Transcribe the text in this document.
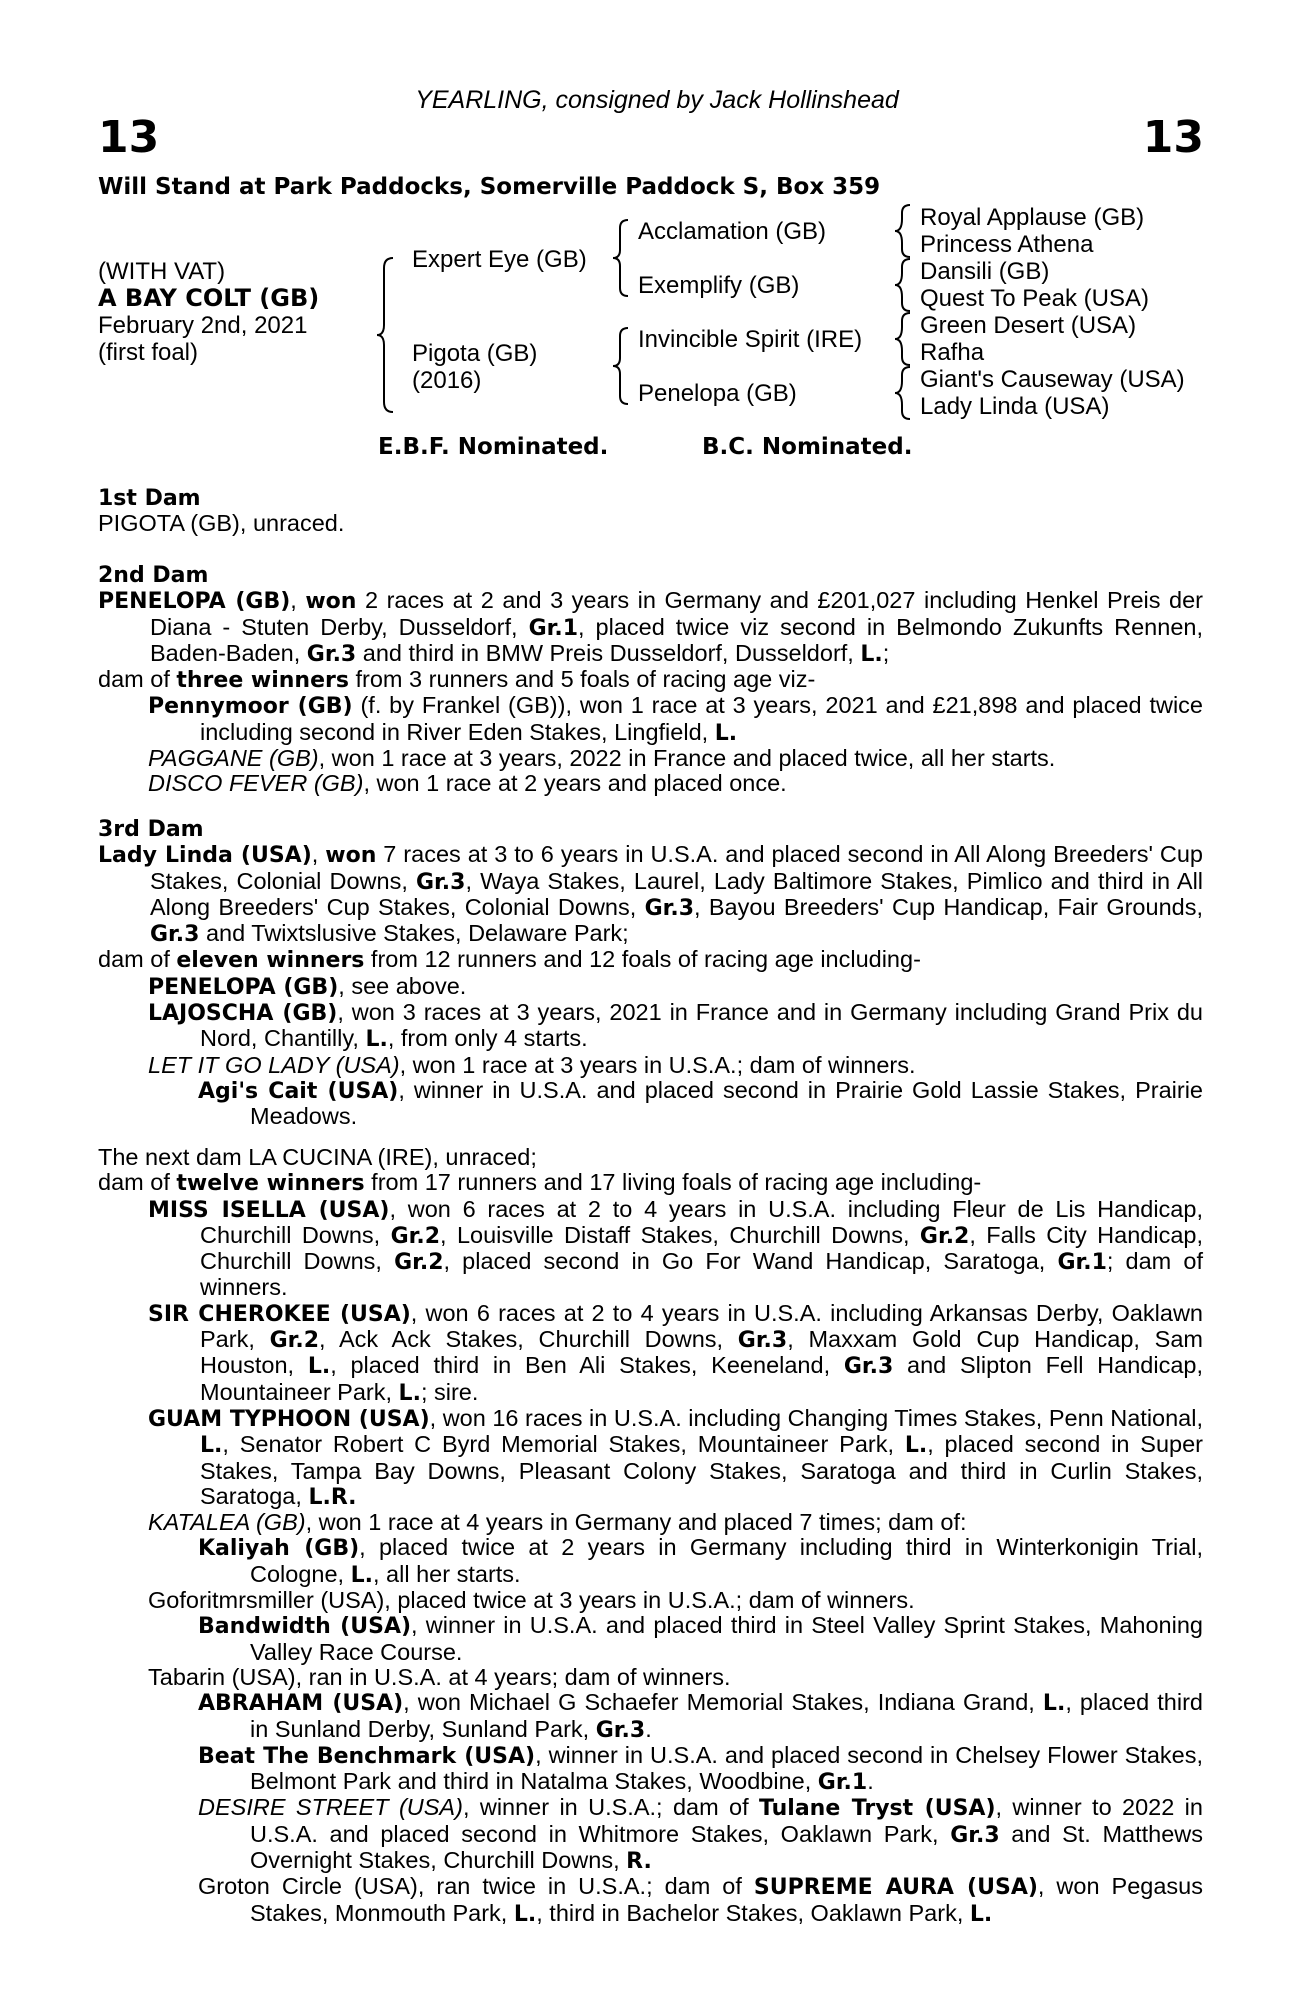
YEARLING, consigned by Jack Hollinshead
13	13
Will Stand at Park Paddocks, Somerville Paddock S, Box 359
(WITH VAT)
A BAY COLT (GB)
February 2nd, 2021
(first foal)
Expert Eye (GB)
Pigota (GB)
(2016)
Acclamation (GB)
Exemplify (GB)
Invincible Spirit (IRE)
Penelopa (GB)
Royal Applause (GB)
Princess Athena
Dansili (GB)
Quest To Peak (USA)
Green Desert (USA)
Rafha
Giant's Causeway (USA)
Lady Linda (USA)
E.B.F. Nominated.	B.C. Nominated.

1st Dam

PIGOTA (GB), unraced.

2nd Dam

PENELOPA (GB), won 2 races at 2 and 3 years in Germany and £201,027 including Henkel Preis der Diana - Stuten Derby, Dusseldorf, Gr.1, placed twice viz second in Belmondo Zukunfts Rennen, Baden-Baden, Gr.3 and third in BMW Preis Dusseldorf, Dusseldorf, L.;

dam of three winners from 3 runners and 5 foals of racing age viz-

Pennymoor (GB) (f. by Frankel (GB)), won 1 race at 3 years, 2021 and £21,898 and placed twice including second in River Eden Stakes, Lingfield, L.

PAGGANE (GB), won 1 race at 3 years, 2022 in France and placed twice, all her starts.

DISCO FEVER (GB), won 1 race at 2 years and placed once.

3rd Dam

Lady Linda (USA), won 7 races at 3 to 6 years in U.S.A. and placed second in All Along Breeders' Cup Stakes, Colonial Downs, Gr.3, Waya Stakes, Laurel, Lady Baltimore Stakes, Pimlico and third in All Along Breeders' Cup Stakes, Colonial Downs, Gr.3, Bayou Breeders' Cup Handicap, Fair Grounds, Gr.3 and Twixtslusive Stakes, Delaware Park;

dam of eleven winners from 12 runners and 12 foals of racing age including-

PENELOPA (GB), see above.

LAJOSCHA (GB), won 3 races at 3 years, 2021 in France and in Germany including Grand Prix du Nord, Chantilly, L., from only 4 starts.

LET IT GO LADY (USA), won 1 race at 3 years in U.S.A.; dam of winners.

Agi's Cait (USA), winner in U.S.A. and placed second in Prairie Gold Lassie Stakes, Prairie Meadows.

The next dam LA CUCINA (IRE), unraced;

dam of twelve winners from 17 runners and 17 living foals of racing age including-

MISS ISELLA (USA), won 6 races at 2 to 4 years in U.S.A. including Fleur de Lis Handicap, Churchill Downs, Gr.2, Louisville Distaff Stakes, Churchill Downs, Gr.2, Falls City Handicap, Churchill Downs, Gr.2, placed second in Go For Wand Handicap, Saratoga, Gr.1; dam of winners.

SIR CHEROKEE (USA), won 6 races at 2 to 4 years in U.S.A. including Arkansas Derby, Oaklawn Park, Gr.2, Ack Ack Stakes, Churchill Downs, Gr.3, Maxxam Gold Cup Handicap, Sam Houston, L., placed third in Ben Ali Stakes, Keeneland, Gr.3 and Slipton Fell Handicap, Mountaineer Park, L.; sire.

GUAM TYPHOON (USA), won 16 races in U.S.A. including Changing Times Stakes, Penn National, L., Senator Robert C Byrd Memorial Stakes, Mountaineer Park, L., placed second in Super Stakes, Tampa Bay Downs, Pleasant Colony Stakes, Saratoga and third in Curlin Stakes, Saratoga, L.R.

KATALEA (GB), won 1 race at 4 years in Germany and placed 7 times; dam of:

Kaliyah (GB), placed twice at 2 years in Germany including third in Winterkonigin Trial, Cologne, L., all her starts.

Goforitmrsmiller (USA), placed twice at 3 years in U.S.A.; dam of winners.

Bandwidth (USA), winner in U.S.A. and placed third in Steel Valley Sprint Stakes, Mahoning Valley Race Course.

Tabarin (USA), ran in U.S.A. at 4 years; dam of winners.

ABRAHAM (USA), won Michael G Schaefer Memorial Stakes, Indiana Grand, L., placed third in Sunland Derby, Sunland Park, Gr.3.

Beat The Benchmark (USA), winner in U.S.A. and placed second in Chelsey Flower Stakes, Belmont Park and third in Natalma Stakes, Woodbine, Gr.1.

DESIRE STREET (USA), winner in U.S.A.; dam of Tulane Tryst (USA), winner to 2022 in U.S.A. and placed second in Whitmore Stakes, Oaklawn Park, Gr.3 and St. Matthews Overnight Stakes, Churchill Downs, R.

Groton Circle (USA), ran twice in U.S.A.; dam of SUPREME AURA (USA), won Pegasus Stakes, Monmouth Park, L., third in Bachelor Stakes, Oaklawn Park, L.
